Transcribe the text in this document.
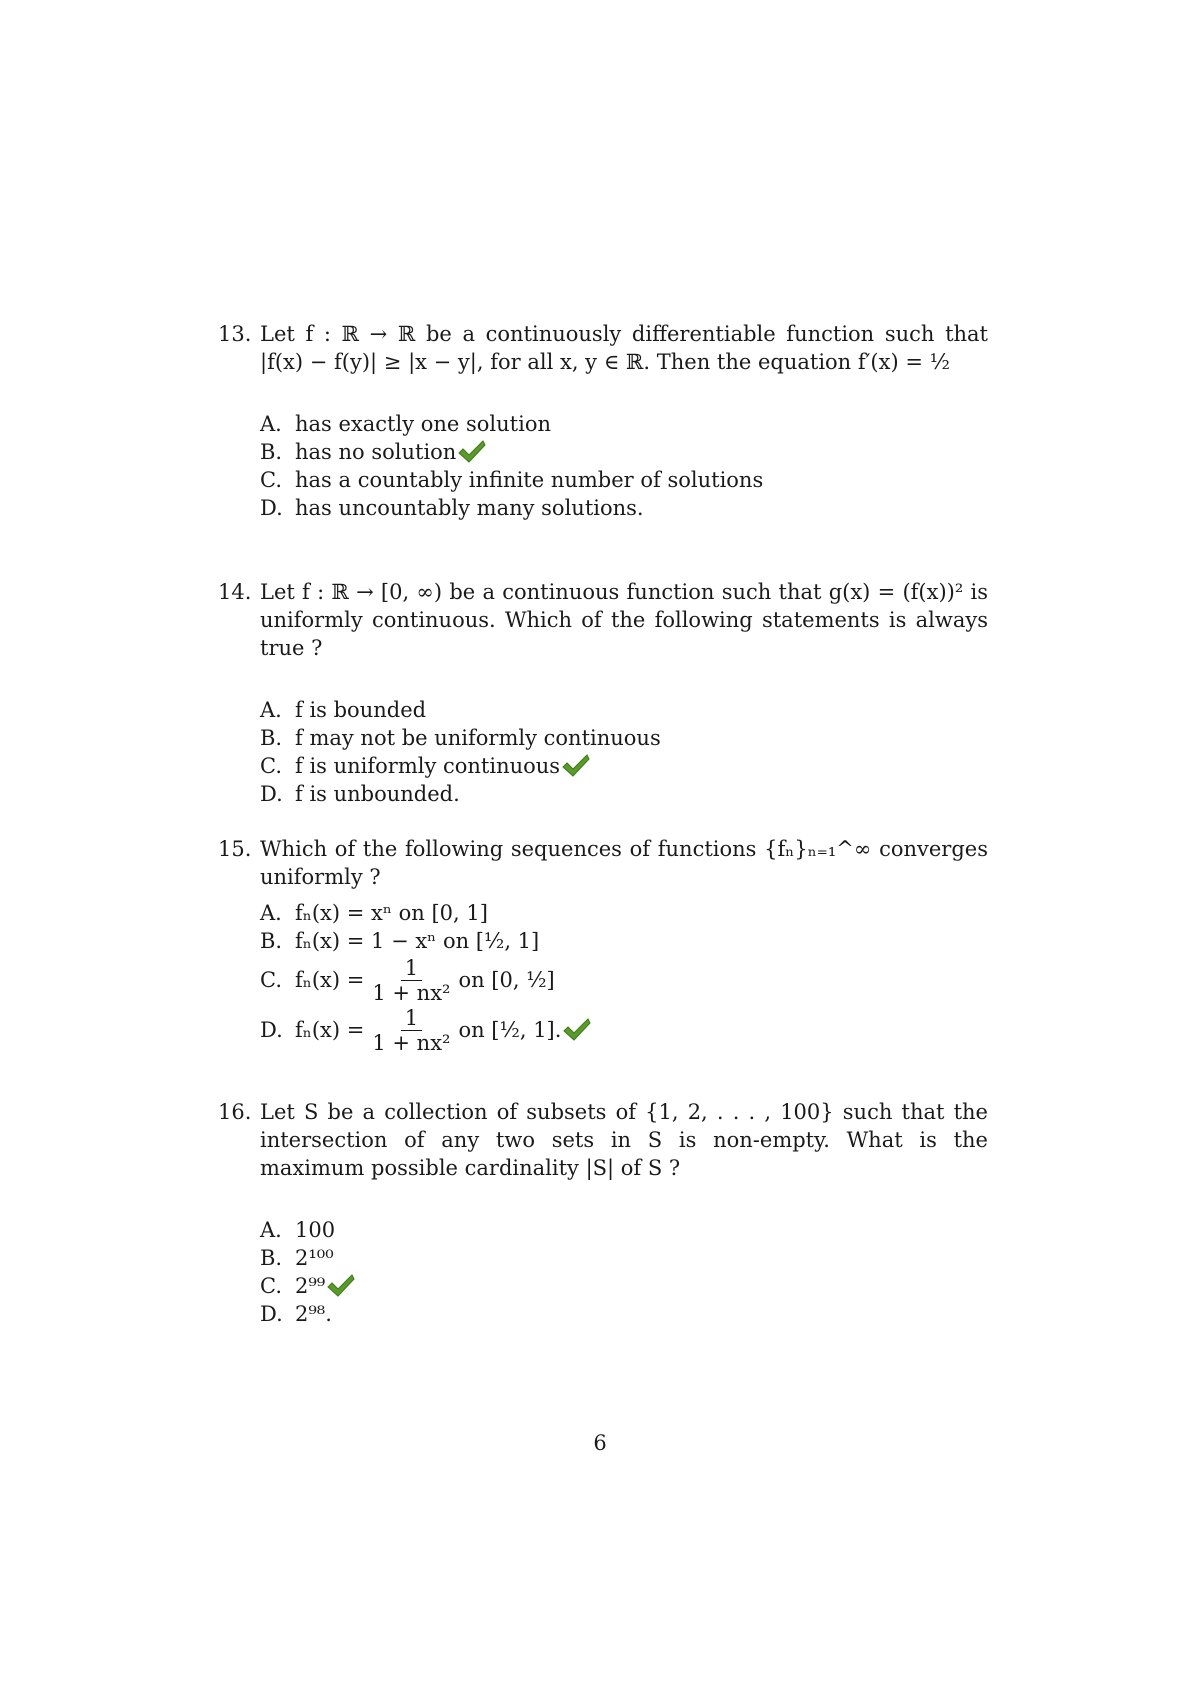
13. Let f : ℝ → ℝ be a continuously differentiable function such that |f(x) − f(y)| ≥ |x − y|, for all x, y ∈ ℝ. Then the equation f′(x) = ½
A. has exactly one solution
B. has no solution
C. has a countably infinite number of solutions
D. has uncountably many solutions.
14. Let f : ℝ → [0, ∞) be a continuous function such that g(x) = (f(x))² is uniformly continuous. Which of the following statements is always true ?
A. f is bounded
B. f may not be uniformly continuous
C. f is uniformly continuous
D. f is unbounded.
15. Which of the following sequences of functions {fₙ}ₙ₌₁^∞ converges uniformly ?
A. fₙ(x) = xⁿ on [0, 1]
B. fₙ(x) = 1 − xⁿ on [½, 1]
C. $f_n(x) = \frac{1}{\text{1 + nx²}}$ on [0, ½]
D. $f_n(x) = \frac{1}{\text{1 + nx²}}$ on [½, 1].
16. Let S be a collection of subsets of {1, 2, . . . , 100} such that the intersection of any two sets in S is non-empty. What is the maximum possible cardinality |S| of S ?
A. 100
B. 2¹⁰⁰
C. 2⁹⁹
D. 2⁹⁸.
6
